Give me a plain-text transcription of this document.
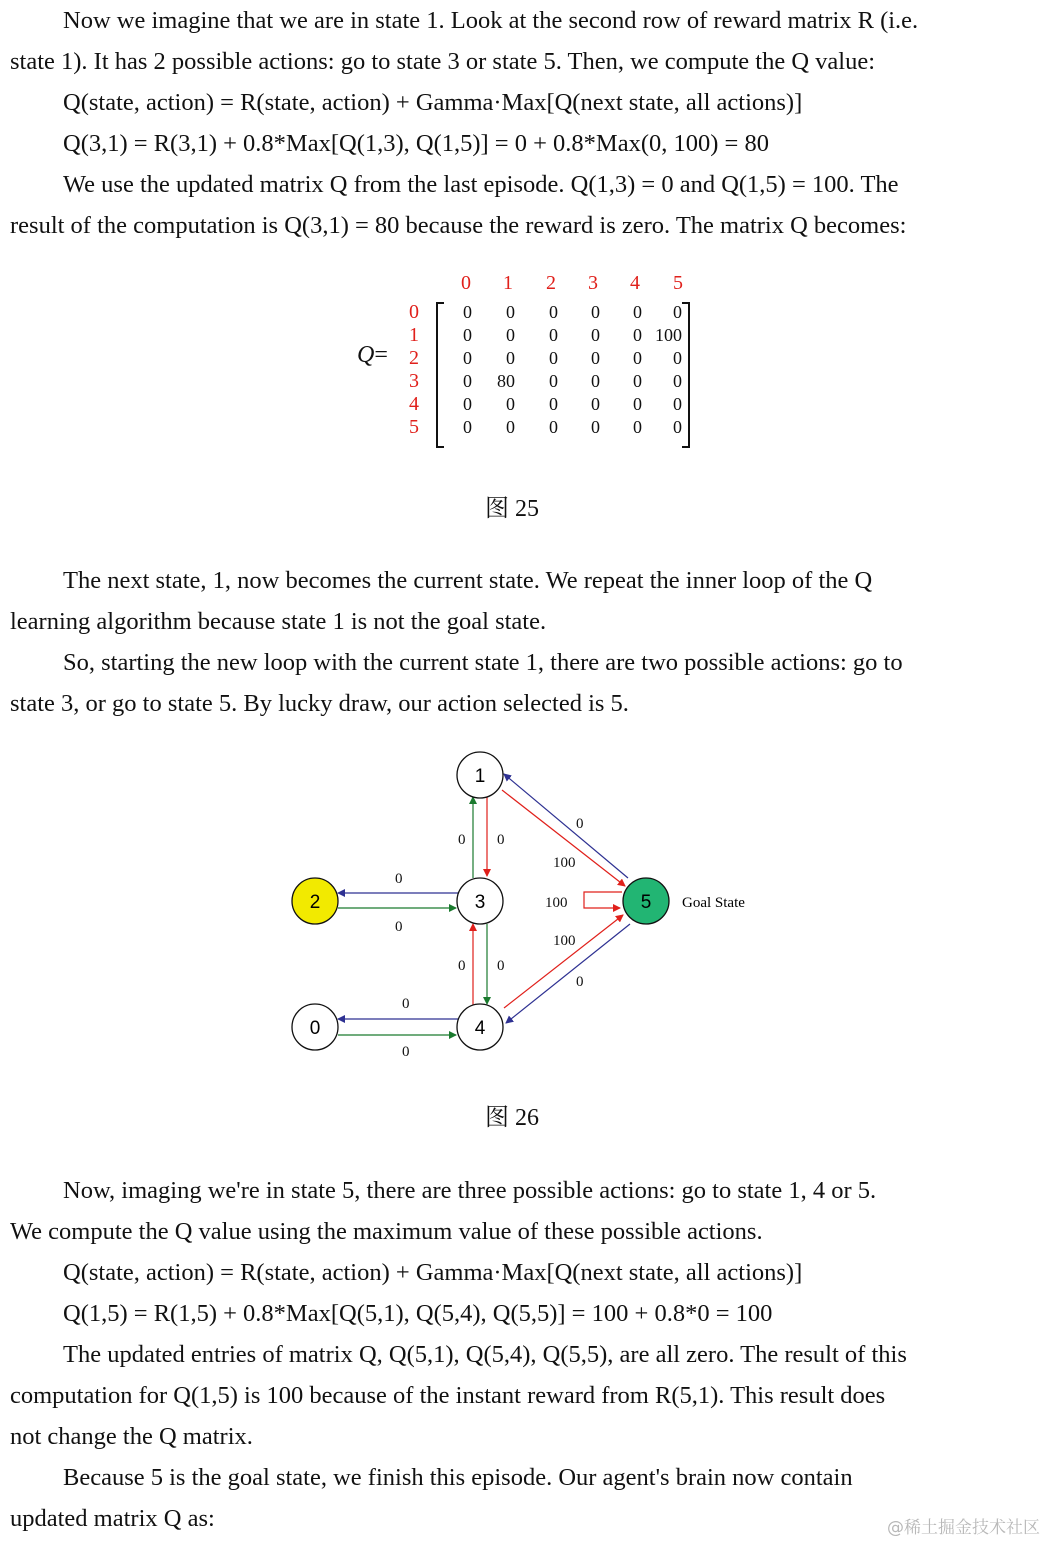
Now we imagine that we are in state 1. Look at the second row of reward matrix R (i.e.
state 1). It has 2 possible actions: go to state 3 or state 5. Then, we compute the Q value:

Q(state, action) = R(state, action) + Gamma·Max[Q(next state, all actions)]

Q(3,1) = R(3,1) + 0.8*Max[Q(1,3), Q(1,5)] = 0 + 0.8*Max(0, 100) = 80

We use the updated matrix Q from the last episode. Q(1,3) = 0 and Q(1,5) = 100. The
result of the computation is Q(3,1) = 80 because the reward is zero. The matrix Q becomes:

Q=
0 1 2 3 4 5
0
1
2
3
4
5
0	0	0	0	0	0
0	0	0	0	0 100
0	0	0	0	0	0
0	80	0	0	0	0
0	0	0	0	0	0
0	0	0	0	0	0
图 25

The next state, 1, now becomes the current state. We repeat the inner loop of the Q
learning algorithm because state 1 is not the goal state.

So, starting the new loop with the current state 1, there are two possible actions: go to
state 3, or go to state 5. By lucky draw, our action selected is 5.

1
2	3	5
0	4
Goal State
0 0
0
100
0
0
100
100
0 0
0
0
0
图 26

Now, imaging we're in state 5, there are three possible actions: go to state 1, 4 or 5.
We compute the Q value using the maximum value of these possible actions.

Q(state, action) = R(state, action) + Gamma·Max[Q(next state, all actions)]

Q(1,5) = R(1,5) + 0.8*Max[Q(5,1), Q(5,4), Q(5,5)] = 100 + 0.8*0 = 100

The updated entries of matrix Q, Q(5,1), Q(5,4), Q(5,5), are all zero. The result of this
computation for Q(1,5) is 100 because of the instant reward from R(5,1). This result does
not change the Q matrix.

Because 5 is the goal state, we finish this episode. Our agent's brain now contain
updated matrix Q as:	@稀土掘金技术社区
